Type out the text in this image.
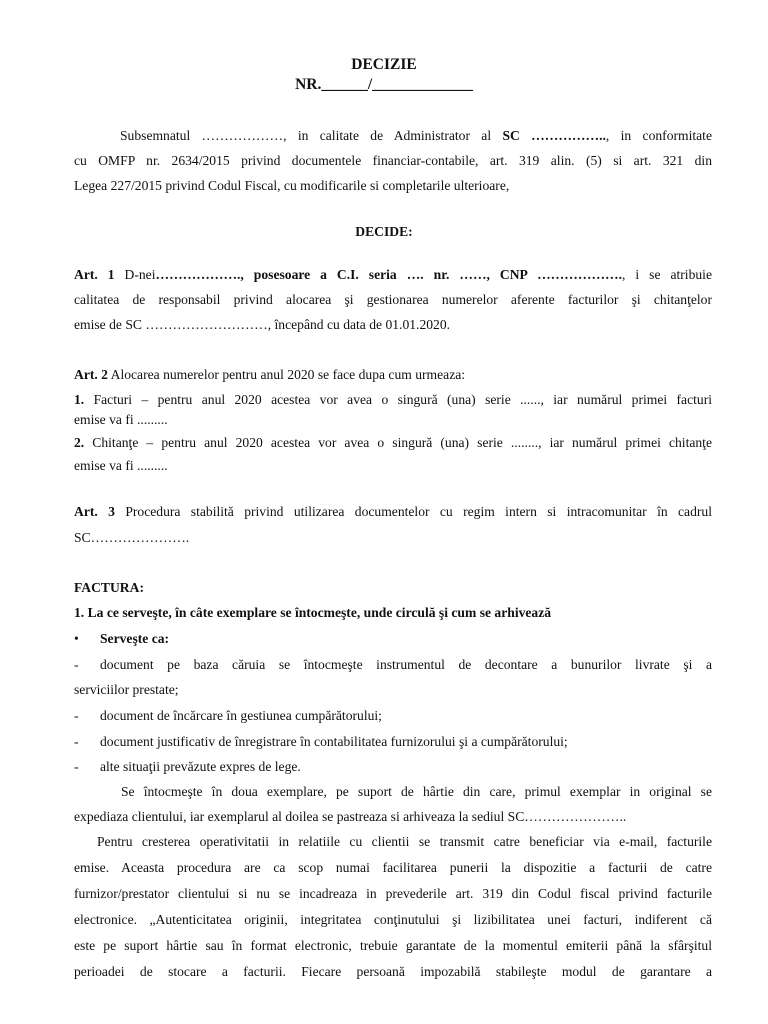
DECIZIE
NR.______/_____________
Subsemnatul ………………, in calitate de Administrator al SC …………….., in conformitate
cu OMFP nr. 2634/2015 privind documentele financiar-contabile, art. 319 alin. (5) si art. 321 din
Legea 227/2015 privind Codul Fiscal, cu modificarile si completarile ulterioare,
DECIDE:
Art. 1 D-nei………………., posesoare a C.I. seria …. nr. ……, CNP ………………., i se atribuie
calitatea de responsabil privind alocarea şi gestionarea numerelor aferente facturilor şi chitanţelor
emise de SC ………………………, începând cu data de 01.01.2020.
Art. 2 Alocarea numerelor pentru anul 2020 se face dupa cum urmeaza:
1. Facturi – pentru anul 2020 acestea vor avea o singură (una) serie ......, iar numărul primei facturi
emise va fi .........
2. Chitanţe – pentru anul 2020 acestea vor avea o singură (una) serie ........, iar numărul primei chitanţe
emise va fi .........
Art. 3 Procedura stabilită privind utilizarea documentelor cu regim intern si intracomunitar în cadrul
SC………………….
FACTURA:
1. La ce serveşte, în câte exemplare se întocmeşte, unde circulă şi cum se arhivează
• Serveşte ca:
- document pe baza căruia se întocmeşte instrumentul de decontare a bunurilor livrate şi a
serviciilor prestate;
- document de încărcare în gestiunea cumpărătorului;
- document justificativ de înregistrare în contabilitatea furnizorului şi a cumpărătorului;
- alte situaţii prevăzute expres de lege.
Se întocmeşte în doua exemplare, pe suport de hârtie din care, primul exemplar in original se
expediaza clientului, iar exemplarul al doilea se pastreaza si arhiveaza la sediul SC…………………..
Pentru cresterea operativitatii in relatiile cu clientii se transmit catre beneficiar via e-mail, facturile
emise. Aceasta procedura are ca scop numai facilitarea punerii la dispozitie a facturii de catre
furnizor/prestator clientului si nu se incadreaza in prevederile art. 319 din Codul fiscal privind facturile
electronice. „Autenticitatea originii, integritatea conţinutului şi lizibilitatea unei facturi, indiferent că
este pe suport hârtie sau în format electronic, trebuie garantate de la momentul emiterii până la sfârşitul
perioadei de stocare a facturii. Fiecare persoană impozabilă stabileşte modul de garantare a
